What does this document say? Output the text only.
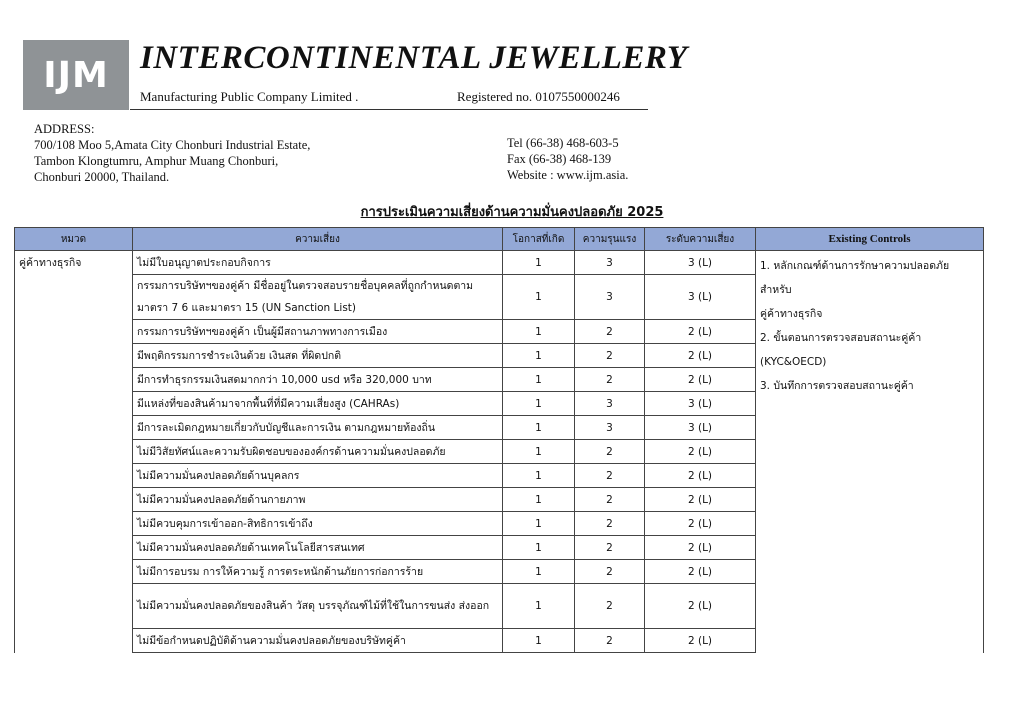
IJM INTERCONTINENTAL JEWELLERY
Manufacturing Public Company Limited .	Registered no. 0107550000246
ADDRESS:
700/108 Moo 5,Amata City Chonburi Industrial Estate,
Tambon Klongtumru, Amphur Muang Chonburi,
Chonburi 20000, Thailand.
Tel (66-38) 468-603-5
Fax (66-38) 468-139
Website : www.ijm.asia.
การประเมินความเสี่ยงด้านความมั่นคงปลอดภัย 2025
หมวด	ความเสี่ยง	โอกาสที่เกิด	ความรุนแรง	ระดับความเสี่ยง	Existing Controls
คู่ค้าทางธุรกิจ	ไม่มีใบอนุญาตประกอบกิจการ	1	3	3 (L)	1. หลักเกณฑ์ด้านการรักษาความปลอดภัยสำหรับ
คู่ค้าทางธุรกิจ
2. ขั้นตอนการตรวจสอบสถานะคู่ค้า
(KYC&OECD)
3. บันทึกการตรวจสอบสถานะคู่ค้า

	กรรมการบริษัทฯของคู่ค้า มีชื่ออยู่ในตรวจสอบรายชื่อบุคคลที่ถูกกำหนดตาม มาตรา 7 6 และมาตรา 15 (UN Sanction List)	1	3	3 (L)	
	กรรมการบริษัทฯของคู่ค้า เป็นผู้มีสถานภาพทางการเมือง	1	2	2 (L)	
	มีพฤติกรรมการชำระเงินด้วย เงินสด ที่ผิดปกติ	1	2	2 (L)	
	มีการทำธุรกรรมเงินสดมากกว่า 10,000 usd หรือ 320,000 บาท	1	2	2 (L)	
	มีแหล่งที่ของสินค้ามาจากพื้นที่ที่มีความเสี่ยงสูง (CAHRAs)	1	3	3 (L)	
	มีการละเมิดกฎหมายเกี่ยวกับบัญชีและการเงิน ตามกฎหมายท้องถิ่น	1	3	3 (L)	
	ไม่มีวิสัยทัศน์และความรับผิดชอบขององค์กรด้านความมั่นคงปลอดภัย	1	2	2 (L)	
	ไม่มีความมั่นคงปลอดภัยด้านบุคลกร	1	2	2 (L)	
	ไม่มีความมั่นคงปลอดภัยด้านกายภาพ	1	2	2 (L)	
	ไม่มีควบคุมการเข้าออก-สิทธิการเข้าถึง	1	2	2 (L)	
	ไม่มีความมั่นคงปลอดภัยด้านเทคโนโลยีสารสนเทศ	1	2	2 (L)	
	ไม่มีการอบรม การให้ความรู้ การตระหนักด้านภัยการก่อการร้าย	1	2	2 (L)	
	ไม่มีความมั่นคงปลอดภัยของสินค้า วัสดุ บรรจุภัณฑ์ไม้ที่ใช้ในการขนส่ง ส่งออก	1	2	2 (L)	
	ไม่มีข้อกำหนดปฏิบัติด้านความมั่นคงปลอดภัยของบริษัทคู่ค้า	1	2	2 (L)	
